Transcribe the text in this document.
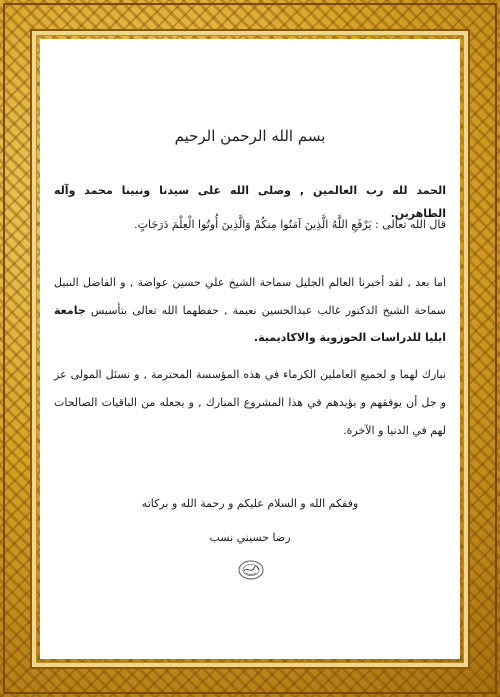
بسم الله الرحمن الرحيم
الحمد لله رب العالمين , وصلى الله على سيدنا ونبينا محمد وآله الطاهرين.
قال الله تعالى : يَرْفَعِ اللَّهُ الَّذِينَ آمَنُوا مِنكُمْ وَالَّذِينَ أُوتُوا الْعِلْمَ دَرَجَاتٍ.
اما بعد , لقد أخبرنا العالم الجليل سماحة الشيخ علي حسين عواضة , و الفاضل النبيل سماحة الشيخ الدكتور غالب عبدالحسين نعيمة , حفظهما الله تعالى بتأسيس جامعة ايليا للدراسات الحوزوية والاكاديمية.
نبارك لهما و لجميع العاملين الكرماء في هذه المؤسسة المحترمة , و نسئل المولى عز و جل أن يوفقهم و يؤيدهم في هذا المشروع المبارك , و يجعله من الباقيات الصالحات لهم في الدنيا و الآخرة.
وفقكم الله و السلام عليكم و رحمة الله و بركاته
رضا حسيني نسب
